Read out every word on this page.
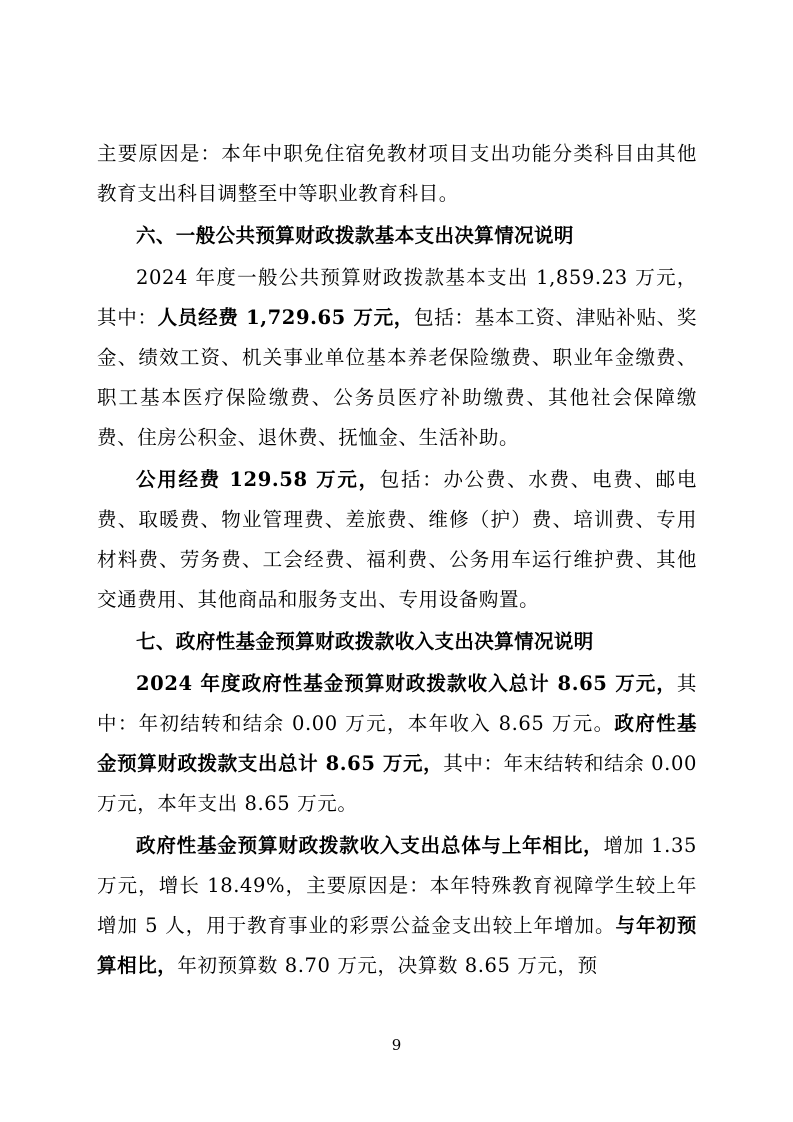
主要原因是：本年中职免住宿免教材项目支出功能分类科目由其他教育支出科目调整至中等职业教育科目。

六、一般公共预算财政拨款基本支出决算情况说明

2024 年度一般公共预算财政拨款基本支出 1,859.23 万元，其中：人员经费 1,729.65 万元，包括：基本工资、津贴补贴、奖金、绩效工资、机关事业单位基本养老保险缴费、职业年金缴费、职工基本医疗保险缴费、公务员医疗补助缴费、其他社会保障缴费、住房公积金、退休费、抚恤金、生活补助。

公用经费 129.58 万元，包括：办公费、水费、电费、邮电费、取暖费、物业管理费、差旅费、维修（护）费、培训费、专用材料费、劳务费、工会经费、福利费、公务用车运行维护费、其他交通费用、其他商品和服务支出、专用设备购置。

七、政府性基金预算财政拨款收入支出决算情况说明

2024 年度政府性基金预算财政拨款收入总计 8.65 万元，其中：年初结转和结余 0.00 万元，本年收入 8.65 万元。政府性基金预算财政拨款支出总计 8.65 万元，其中：年末结转和结余 0.00 万元，本年支出 8.65 万元。

政府性基金预算财政拨款收入支出总体与上年相比，增加 1.35 万元，增长 18.49%，主要原因是：本年特殊教育视障学生较上年增加 5 人，用于教育事业的彩票公益金支出较上年增加。与年初预算相比，年初预算数 8.70 万元，决算数 8.65 万元，预

9
